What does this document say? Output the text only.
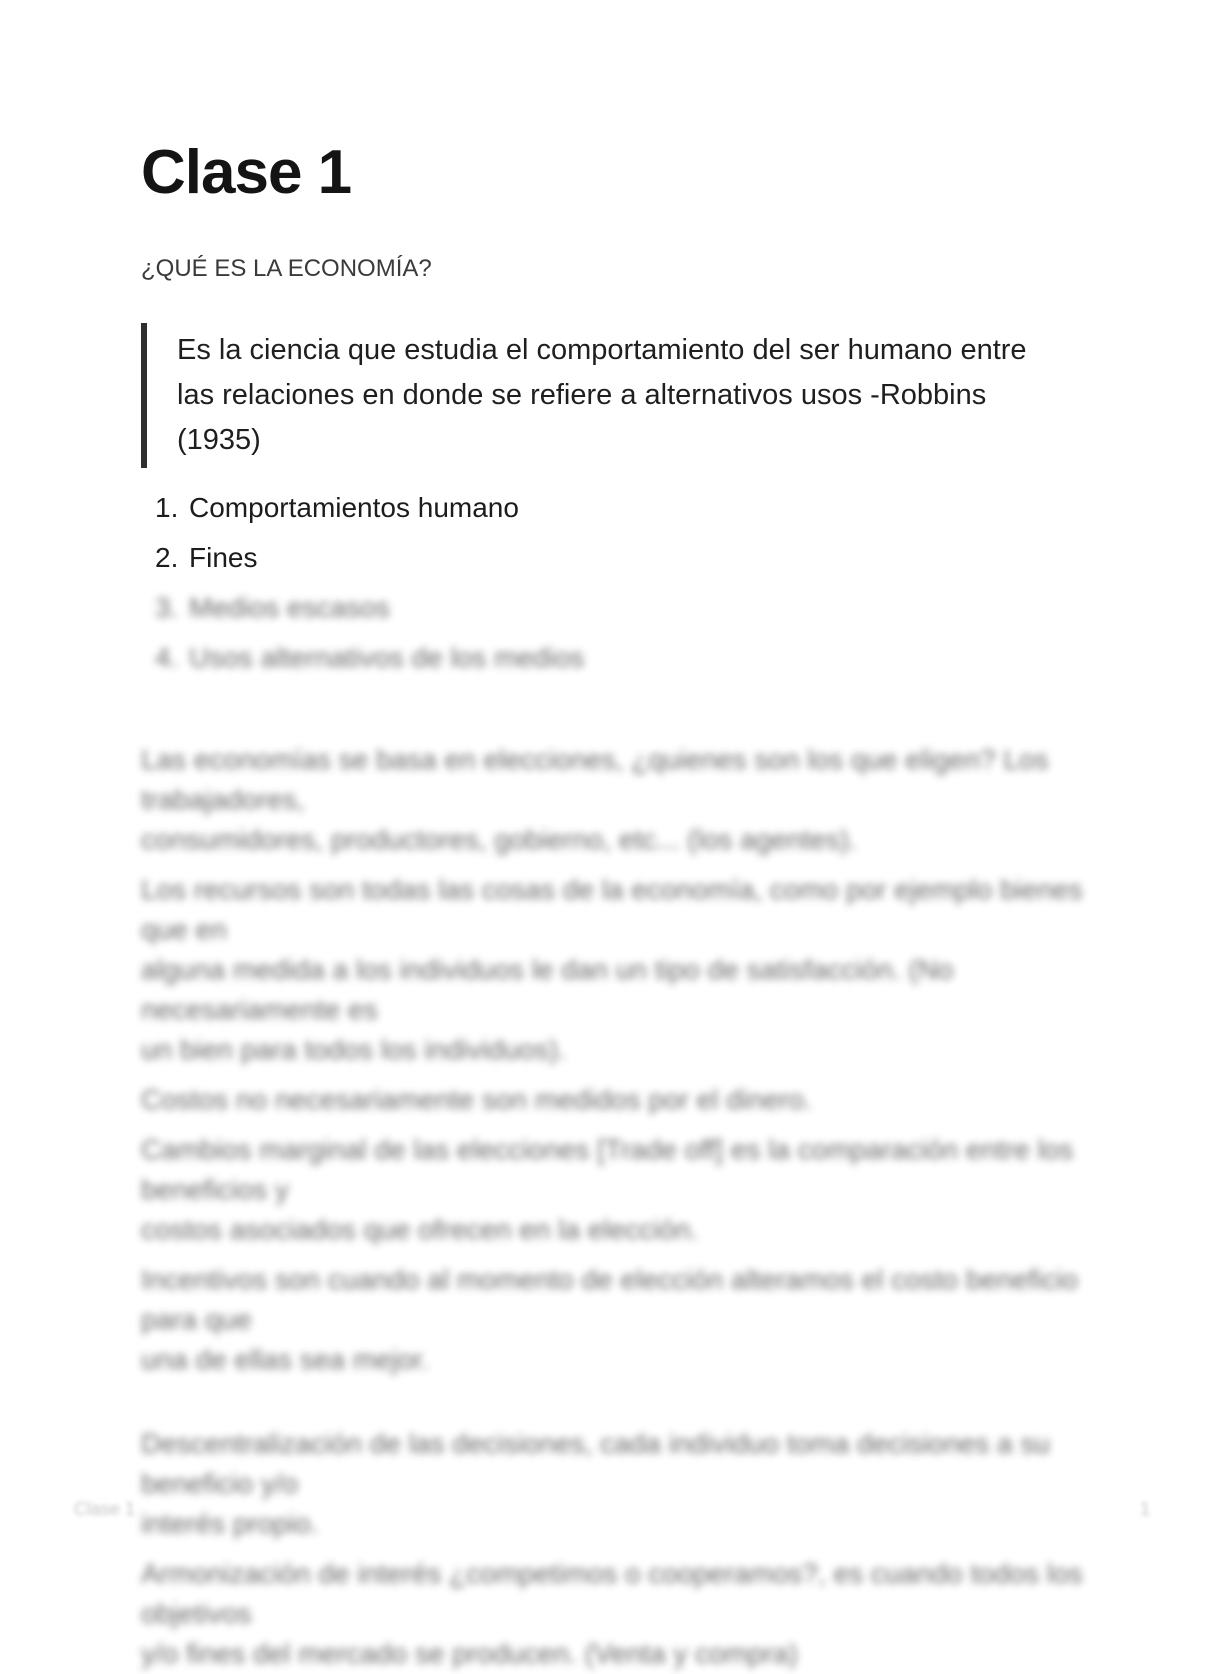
Clase 1
¿QUÉ ES LA ECONOMÍA?
Es la ciencia que estudia el comportamiento del ser humano entre
las relaciones en donde se refiere a alternativos usos -Robbins
(1935)
1. Comportamientos humano
2. Fines
3. Medios escasos
4. Usos alternativos de los medios
Las economías se basa en elecciones, ¿quienes son los que eligen? Los trabajadores,
consumidores, productores, gobierno, etc... (los agentes).
Los recursos son todas las cosas de la economía, como por ejemplo bienes que en
alguna medida a los individuos le dan un tipo de satisfacción. (No necesariamente es
un bien para todos los individuos).
Costos no necesariamente son medidos por el dinero.
Cambios marginal de las elecciones [Trade off] es la comparación entre los beneficios y
costos asociados que ofrecen en la elección.
Incentivos son cuando al momento de elección alteramos el costo beneficio para que
una de ellas sea mejor.
Descentralización de las decisiones, cada individuo toma decisiones a su beneficio y/o
interés propio.
Armonización de interés ¿competimos o cooperamos?, es cuando todos los objetivos
y/o fines del mercado se producen. (Venta y compra)
Clase 1	1
